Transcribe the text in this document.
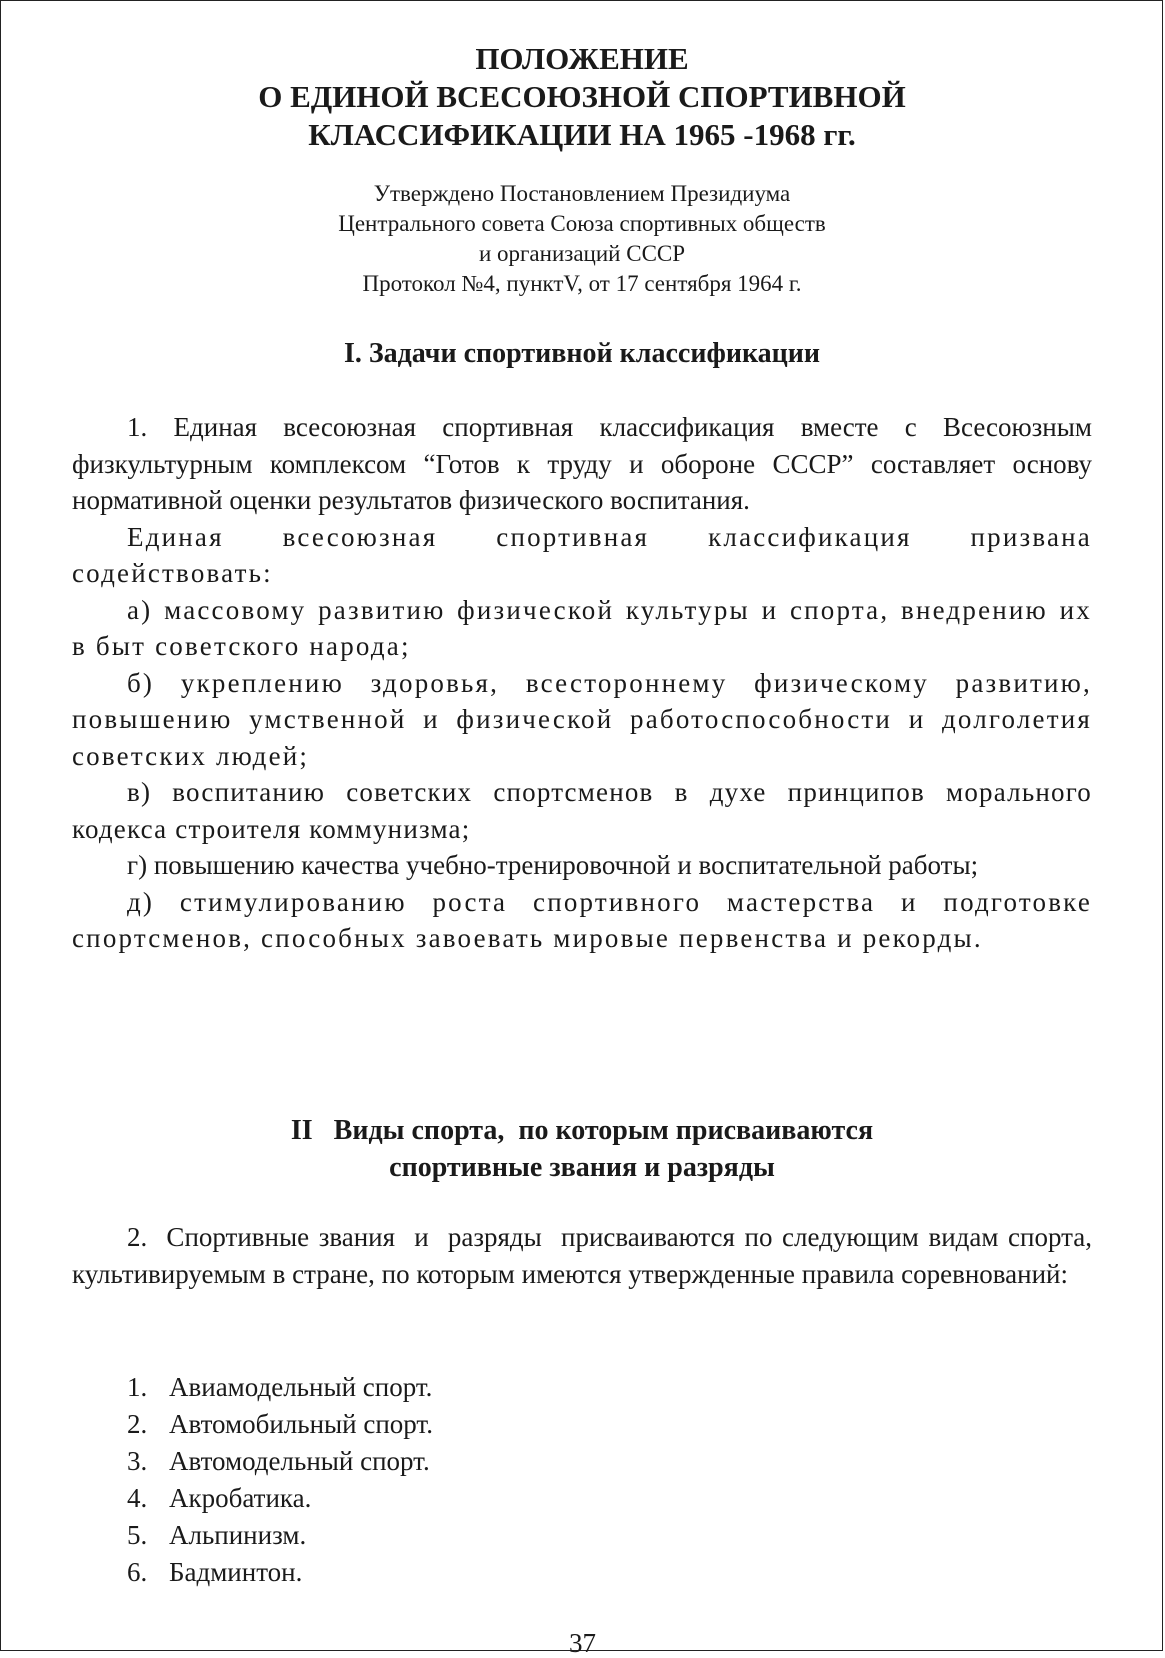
ПОЛОЖЕНИЕ
О ЕДИНОЙ ВСЕСОЮЗНОЙ СПОРТИВНОЙ
КЛАССИФИКАЦИИ НА 1965 -1968 гг.
Утверждено Постановлением Президиума
Центрального совета Союза спортивных обществ
и организаций СССР
Протокол №4, пунктV, от 17 сентября 1964 г.
I. Задачи спортивной классификации

1. Единая всесоюзная спортивная классификация вместе с Всесоюзным физкультурным комплексом “Готов к труду и обороне СССР” составляет основу нормативной оценки результатов физического воспитания.

Единая всесоюзная спортивная классификация призвана содействовать:

а) массовому развитию физической культуры и спорта, внедрению их в быт советского народа;

б) укреплению здоровья, всестороннему физическому развитию, повышению умственной и физической работоспособности и долголетия советских людей;

в) воспитанию советских спортсменов в духе принципов морального кодекса строителя коммунизма;

г) повышению качества учебно-тренировочной и воспитательной работы;

д) стимулированию роста спортивного мастерства и подготовке спортсменов, способных завоевать мировые первенства и рекорды.

II   Виды спорта,  по которым присваиваются
спортивные звания и разряды

2.  Спортивные звания  и  разряды  присваиваются по следующим видам спорта, культивируемым в стране, по которым имеются утвержденные правила соревнований:

1. Авиамодельный спорт.
2. Автомобильный спорт.
3. Автомодельный спорт.
4. Акробатика.
5. Альпинизм.
6. Бадминтон.
37
